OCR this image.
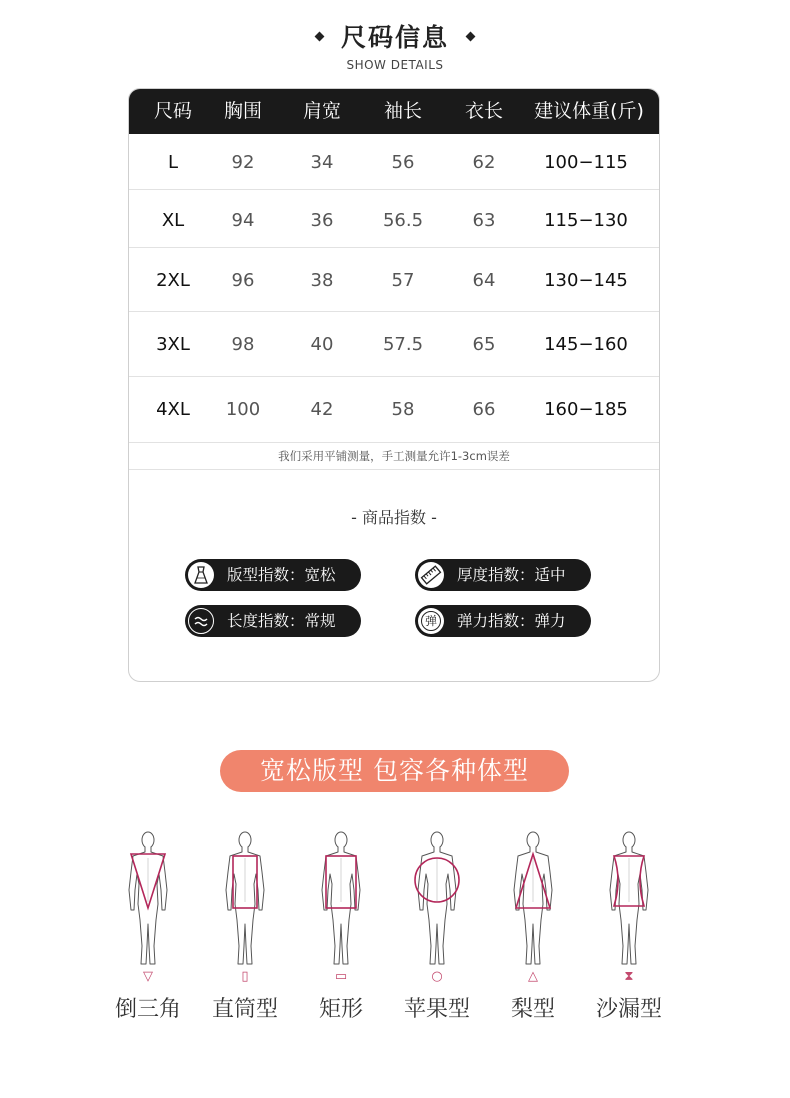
尺码信息
SHOW DETAILS
尺码	胸围	肩宽	袖长	衣长	建议体重(斤)
L	92	34	56	62	100−115
XL	94	36	56.5	63	115−130
2XL	96	38	57	64	130−145
3XL	98	40	57.5	65	145−160
4XL	100	42	58	66	160−185
我们采用平铺测量，手工测量允许1-3cm误差
- 商品指数 -
版型指数：宽松	厚度指数：适中
长度指数：常规	弹 弹力指数：弹力
宽松版型 包容各种体型
▽	▯	▭	○	△	⧗
倒三角	直筒型	矩形	苹果型	梨型	沙漏型
